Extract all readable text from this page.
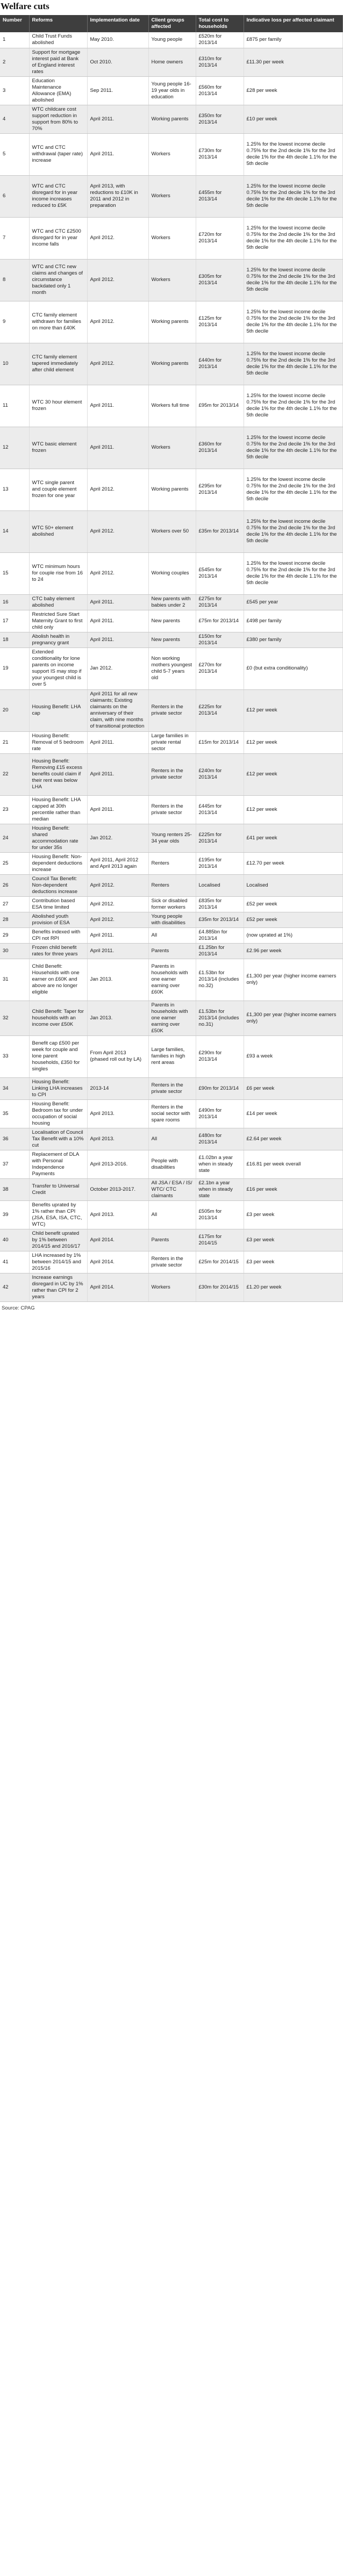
Welfare cuts
Number	Reforms	Implementation date	Client groups affected	Total cost to households	Indicative loss per affected claimant
1	Child Trust Funds abolished	May 2010.	Young people	£520m for 2013/14	£875 per family
2	Support for mortgage interest paid at Bank of England interest rates	Oct 2010.	Home owners	£310m for 2013/14	£11.30 per week
3	Education Maintenance Allowance (EMA) abolished	Sep 2011.	Young people 16-19 year olds in education	£560m for 2013/14	£28 per week
4	WTC childcare cost support reduction in support from 80% to 70%	April 2011.	Working parents	£350m for 2013/14	£10 per week
5	WTC and CTC withdrawal (taper rate) increase	April 2011.	Workers	£730m for 2013/14	1.25% for the lowest income decile 0.75% for the 2nd decile 1% for the 3rd decile 1% for the 4th decile 1.1% for the 5th decile
6	WTC and CTC disregard for in year income increases reduced to £5K	April 2013, with reductions to £10K in 2011 and 2012 in preparation	Workers	£455m for 2013/14	1.25% for the lowest income decile 0.75% for the 2nd decile 1% for the 3rd decile 1% for the 4th decile 1.1% for the 5th decile
7	WTC and CTC £2500 disregard for in year income falls	April 2012.	Workers	£720m for 2013/14	1.25% for the lowest income decile 0.75% for the 2nd decile 1% for the 3rd decile 1% for the 4th decile 1.1% for the 5th decile
8	WTC and CTC new claims and changes of circumstance backdated only 1 month	April 2012.	Workers	£305m for 2013/14	1.25% for the lowest income decile 0.75% for the 2nd decile 1% for the 3rd decile 1% for the 4th decile 1.1% for the 5th decile
9	CTC family element withdrawn for families on more than £40K	April 2012.	Working parents	£125m for 2013/14	1.25% for the lowest income decile 0.75% for the 2nd decile 1% for the 3rd decile 1% for the 4th decile 1.1% for the 5th decile
10	CTC family element tapered immediately after child element	April 2012.	Working parents	£440m for 2013/14	1.25% for the lowest income decile 0.75% for the 2nd decile 1% for the 3rd decile 1% for the 4th decile 1.1% for the 5th decile
11	WTC 30 hour element frozen	April 2011.	Workers full time	£95m for 2013/14	1.25% for the lowest income decile 0.75% for the 2nd decile 1% for the 3rd decile 1% for the 4th decile 1.1% for the 5th decile
12	WTC basic element frozen	April 2011.	Workers	£360m for 2013/14	1.25% for the lowest income decile 0.75% for the 2nd decile 1% for the 3rd decile 1% for the 4th decile 1.1% for the 5th decile
13	WTC single parent and couple element frozen for one year	April 2012.	Working parents	£295m for 2013/14	1.25% for the lowest income decile 0.75% for the 2nd decile 1% for the 3rd decile 1% for the 4th decile 1.1% for the 5th decile
14	WTC 50+ element abolished	April 2012.	Workers over 50	£35m for 2013/14	1.25% for the lowest income decile 0.75% for the 2nd decile 1% for the 3rd decile 1% for the 4th decile 1.1% for the 5th decile
15	WTC minimum hours for couple rise from 16 to 24	April 2012.	Working couples	£545m for 2013/14	1.25% for the lowest income decile 0.75% for the 2nd decile 1% for the 3rd decile 1% for the 4th decile 1.1% for the 5th decile
16	CTC baby element abolished	April 2011.	New parents with babies under 2	£275m for 2013/14	£545 per year
17	Restricted Sure Start Maternity Grant to first child only	April 2011.	New parents	£75m for 2013/14	£498 per family
18	Abolish health in pregnancy grant	April 2011.	New parents	£150m for 2013/14	£380 per family
19	Extended conditionality for lone parents on income support IS may stop if your youngest child is over 5	Jan 2012.	Non working mothers youngest child 5-7 years old	£270m for 2013/14	£0 (but extra conditionality)
20	Housing Benefit: LHA cap	April 2011 for all new claimants; Existing claimants on the anniversary of their claim, with nine months of transitional protection	Renters in the private sector	£225m for 2013/14	£12 per week
21	Housing Benefit: Removal of 5 bedroom rate	April 2011.	Large families in private rental sector	£15m for 2013/14	£12 per week
22	Housing Benefit: Removing £15 excess benefits could claim if their rent was below LHA	April 2011.	Renters in the private sector	£240m for 2013/14	£12 per week
23	Housing Benefit: LHA capped at 30th percentile rather than median	April 2011.	Renters in the private sector	£445m for 2013/14	£12 per week
24	Housing Benefit: shared accommodation rate for under 35s	Jan 2012.	Young renters 25-34 year olds	£225m for 2013/14	£41 per week
25	Housing Benefit: Non-dependent deductions increase	April 2011, April 2012 and April 2013 again	Renters	£195m for 2013/14	£12.70 per week
26	Council Tax Benefit: Non-dependent deductions increase	April 2012.	Renters	Localised	Localised
27	Contribution based ESA time limited	April 2012.	Sick or disabled former workers	£835m for 2013/14	£52 per week
28	Abolished youth provision of ESA	April 2012.	Young people with disabilities	£35m for 2013/14	£52 per week
29	Benefits indexed with CPI not RPI	April 2011.	All	£4.885bn for 2013/14	(now uprated at 1%)
30	Frozen child benefit rates for three years	April 2011.	Parents	£1.25bn for 2013/14	£2.96 per week
31	Child Benefit: Households with one earner on £60K and above are no longer eligible	Jan 2013.	Parents in households with one earner earning over £60K	£1.53bn for 2013/14 (includes no.32)	£1,300 per year (higher income earners only)
32	Child Benefit: Taper for households with an income over £50K	Jan 2013.	Parents in households with one earner earning over £50K	£1.53bn for 2013/14 (includes no.31)	£1,300 per year (higher income earners only)
33	Benefit cap £500 per week for couple and lone parent households, £350 for singles	From April 2013 (phased roll out by LA)	Large families, families in high rent areas	£290m for 2013/14	£93 a week
34	Housing Benefit: Linking LHA increases to CPI	2013-14	Renters in the private sector	£90m for 2013/14	£6 per week
35	Housing Benefit: Bedroom tax for under occupation of social housing	April 2013.	Renters in the social sector with spare rooms	£490m for 2013/14	£14 per week
36	Localisation of Council Tax Benefit with a 10% cut	April 2013.	All	£480m for 2013/14	£2.64 per week
37	Replacement of DLA with Personal Independence Payments	April 2013-2016.	People with disabilities	£1.02bn a year when in steady state	£16.81 per week overall
38	Transfer to Universal Credit	October 2013-2017.	All JSA / ESA / IS/ WTC/ CTC claimants	£2.1bn a year when in steady state	£16 per week
39	Benefits uprated by 1% rather than CPI (JSA, ESA, ISA, CTC, WTC)	April 2013.	All	£505m for 2013/14	£3 per week
40	Child benefit uprated by 1% between 2014/15 and 2016/17	April 2014.	Parents	£175m for 2014/15	£3 per week
41	LHA increased by 1% between 2014/15 and 2015/16	April 2014.	Renters in the private sector	£25m for 2014/15	£3 per week
42	Increase earnings disregard in UC by 1% rather than CPI for 2 years	April 2014.	Workers	£30m for 2014/15	£1.20 per week
Source: CPAG
